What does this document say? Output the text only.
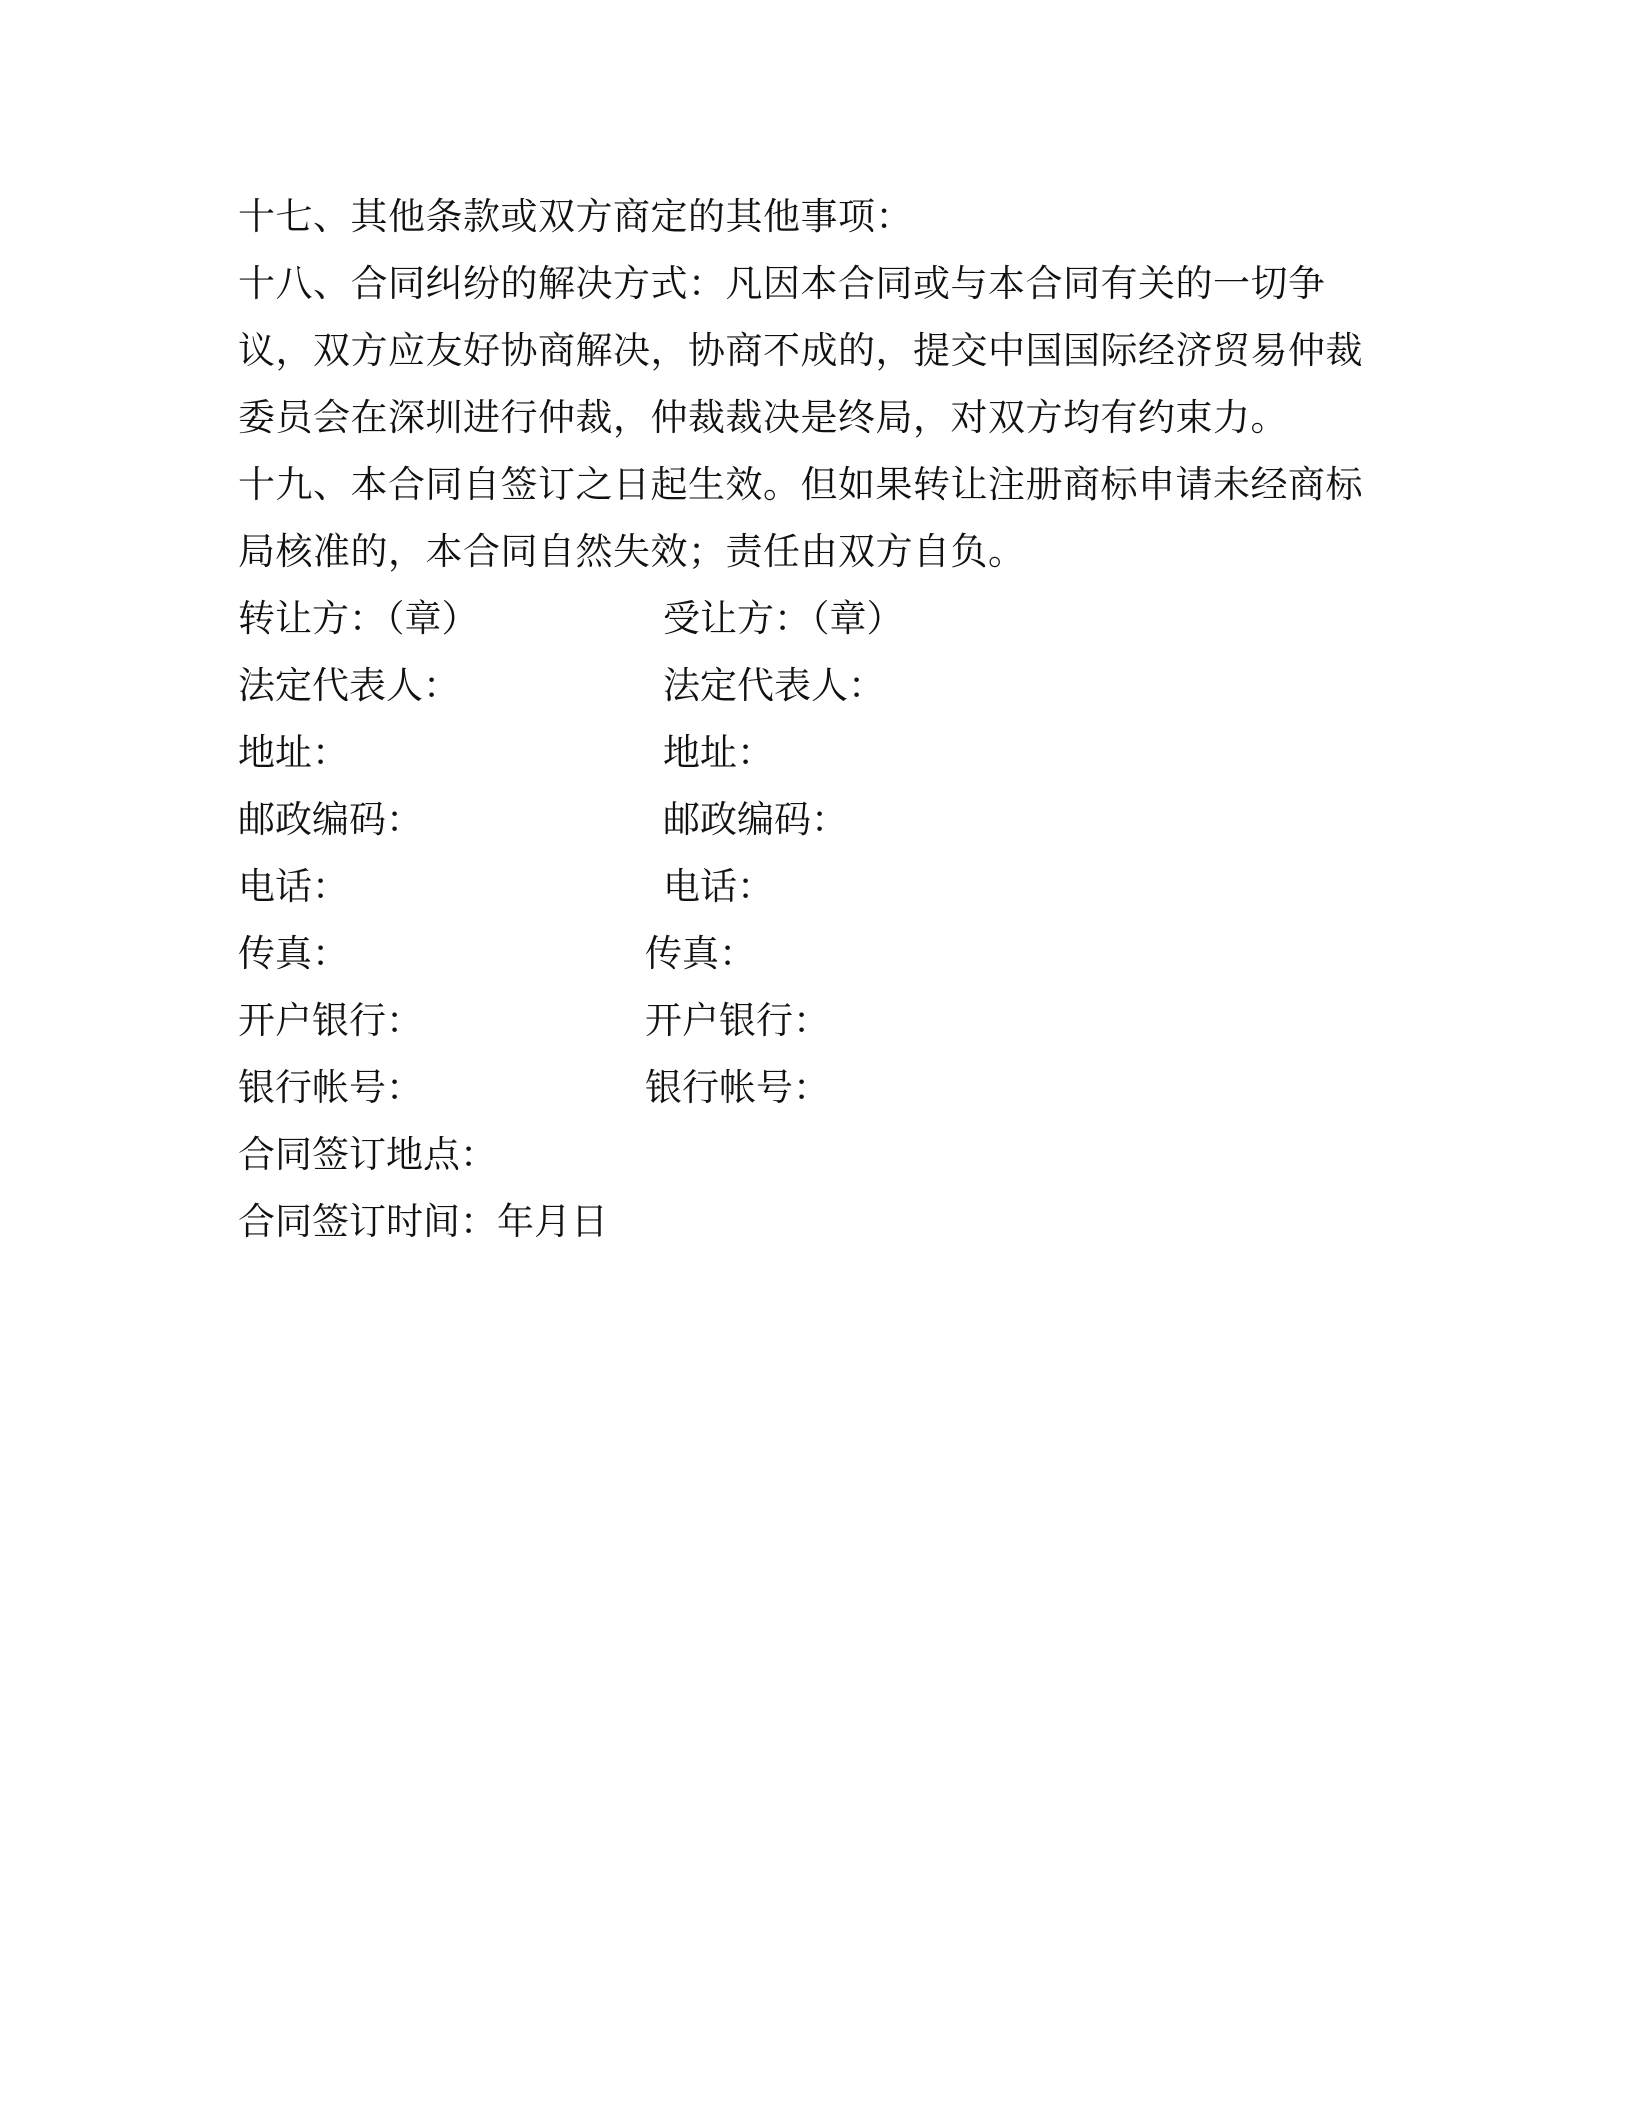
十七、其他条款或双方商定的其他事项：
十八、合同纠纷的解决方式：凡因本合同或与本合同有关的一切争议，双方应友好协商解决，协商不成的，提交中国国际经济贸易仲裁委员会在深圳进行仲裁，仲裁裁决是终局，对双方均有约束力。
十九、本合同自签订之日起生效。但如果转让注册商标申请未经商标局核准的，本合同自然失效；责任由双方自负。
转让方：（章）
法定代表人：
地址：
邮政编码：
电话：
传真：
开户银行：
银行帐号：
受让方：（章）
法定代表人：
地址：
邮政编码：
电话：
传真：
开户银行：
银行帐号：
合同签订地点：
合同签订时间：年月日
